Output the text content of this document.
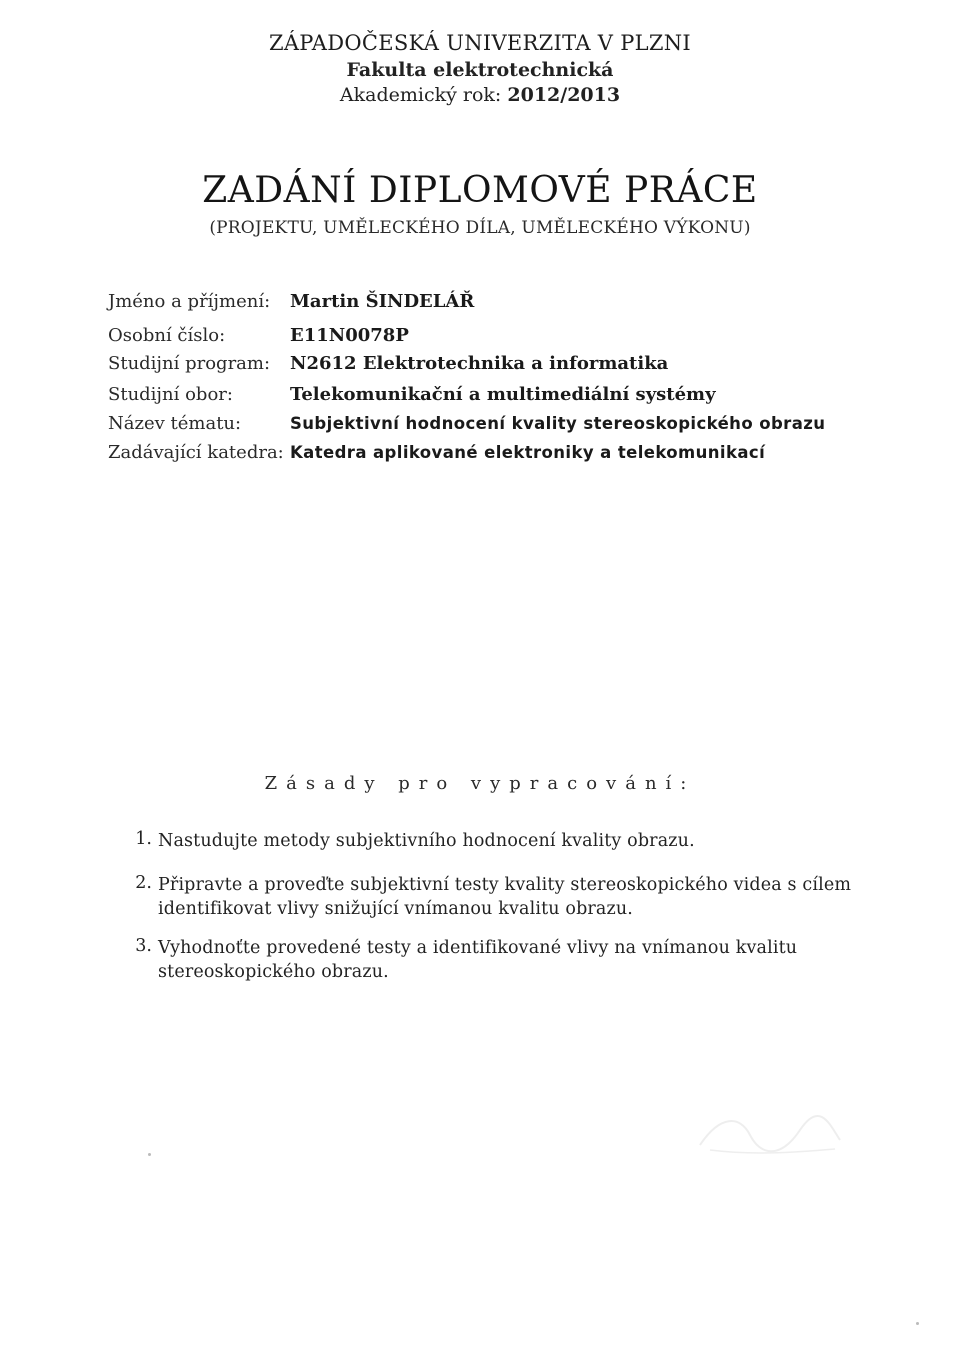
ZÁPADOČESKÁ UNIVERZITA V PLZNI
Fakulta elektrotechnická
Akademický rok: 2012/2013
ZADÁNÍ DIPLOMOVÉ PRÁCE
(PROJEKTU, UMĚLECKÉHO DÍLA, UMĚLECKÉHO VÝKONU)
Jméno a příjmení: Martin ŠINDELÁŘ
Osobní číslo:	E11N0078P
Studijní program: N2612 Elektrotechnika a informatika
Studijní obor:	Telekomunikační a multimediální systémy
Název tématu:	Subjektivní hodnocení kvality stereoskopického obrazu
Zadávající katedra: Katedra aplikované elektroniky a telekomunikací
Zásady pro vypracování:
1. Nastudujte metody subjektivního hodnocení kvality obrazu.
2. Připravte a proveďte subjektivní testy kvality stereoskopického videa s cílem identifikovat vlivy snižující vnímanou kvalitu obrazu.
3. Vyhodnoťte provedené testy a identifikované vlivy na vnímanou kvalitu stereoskopického obrazu.
